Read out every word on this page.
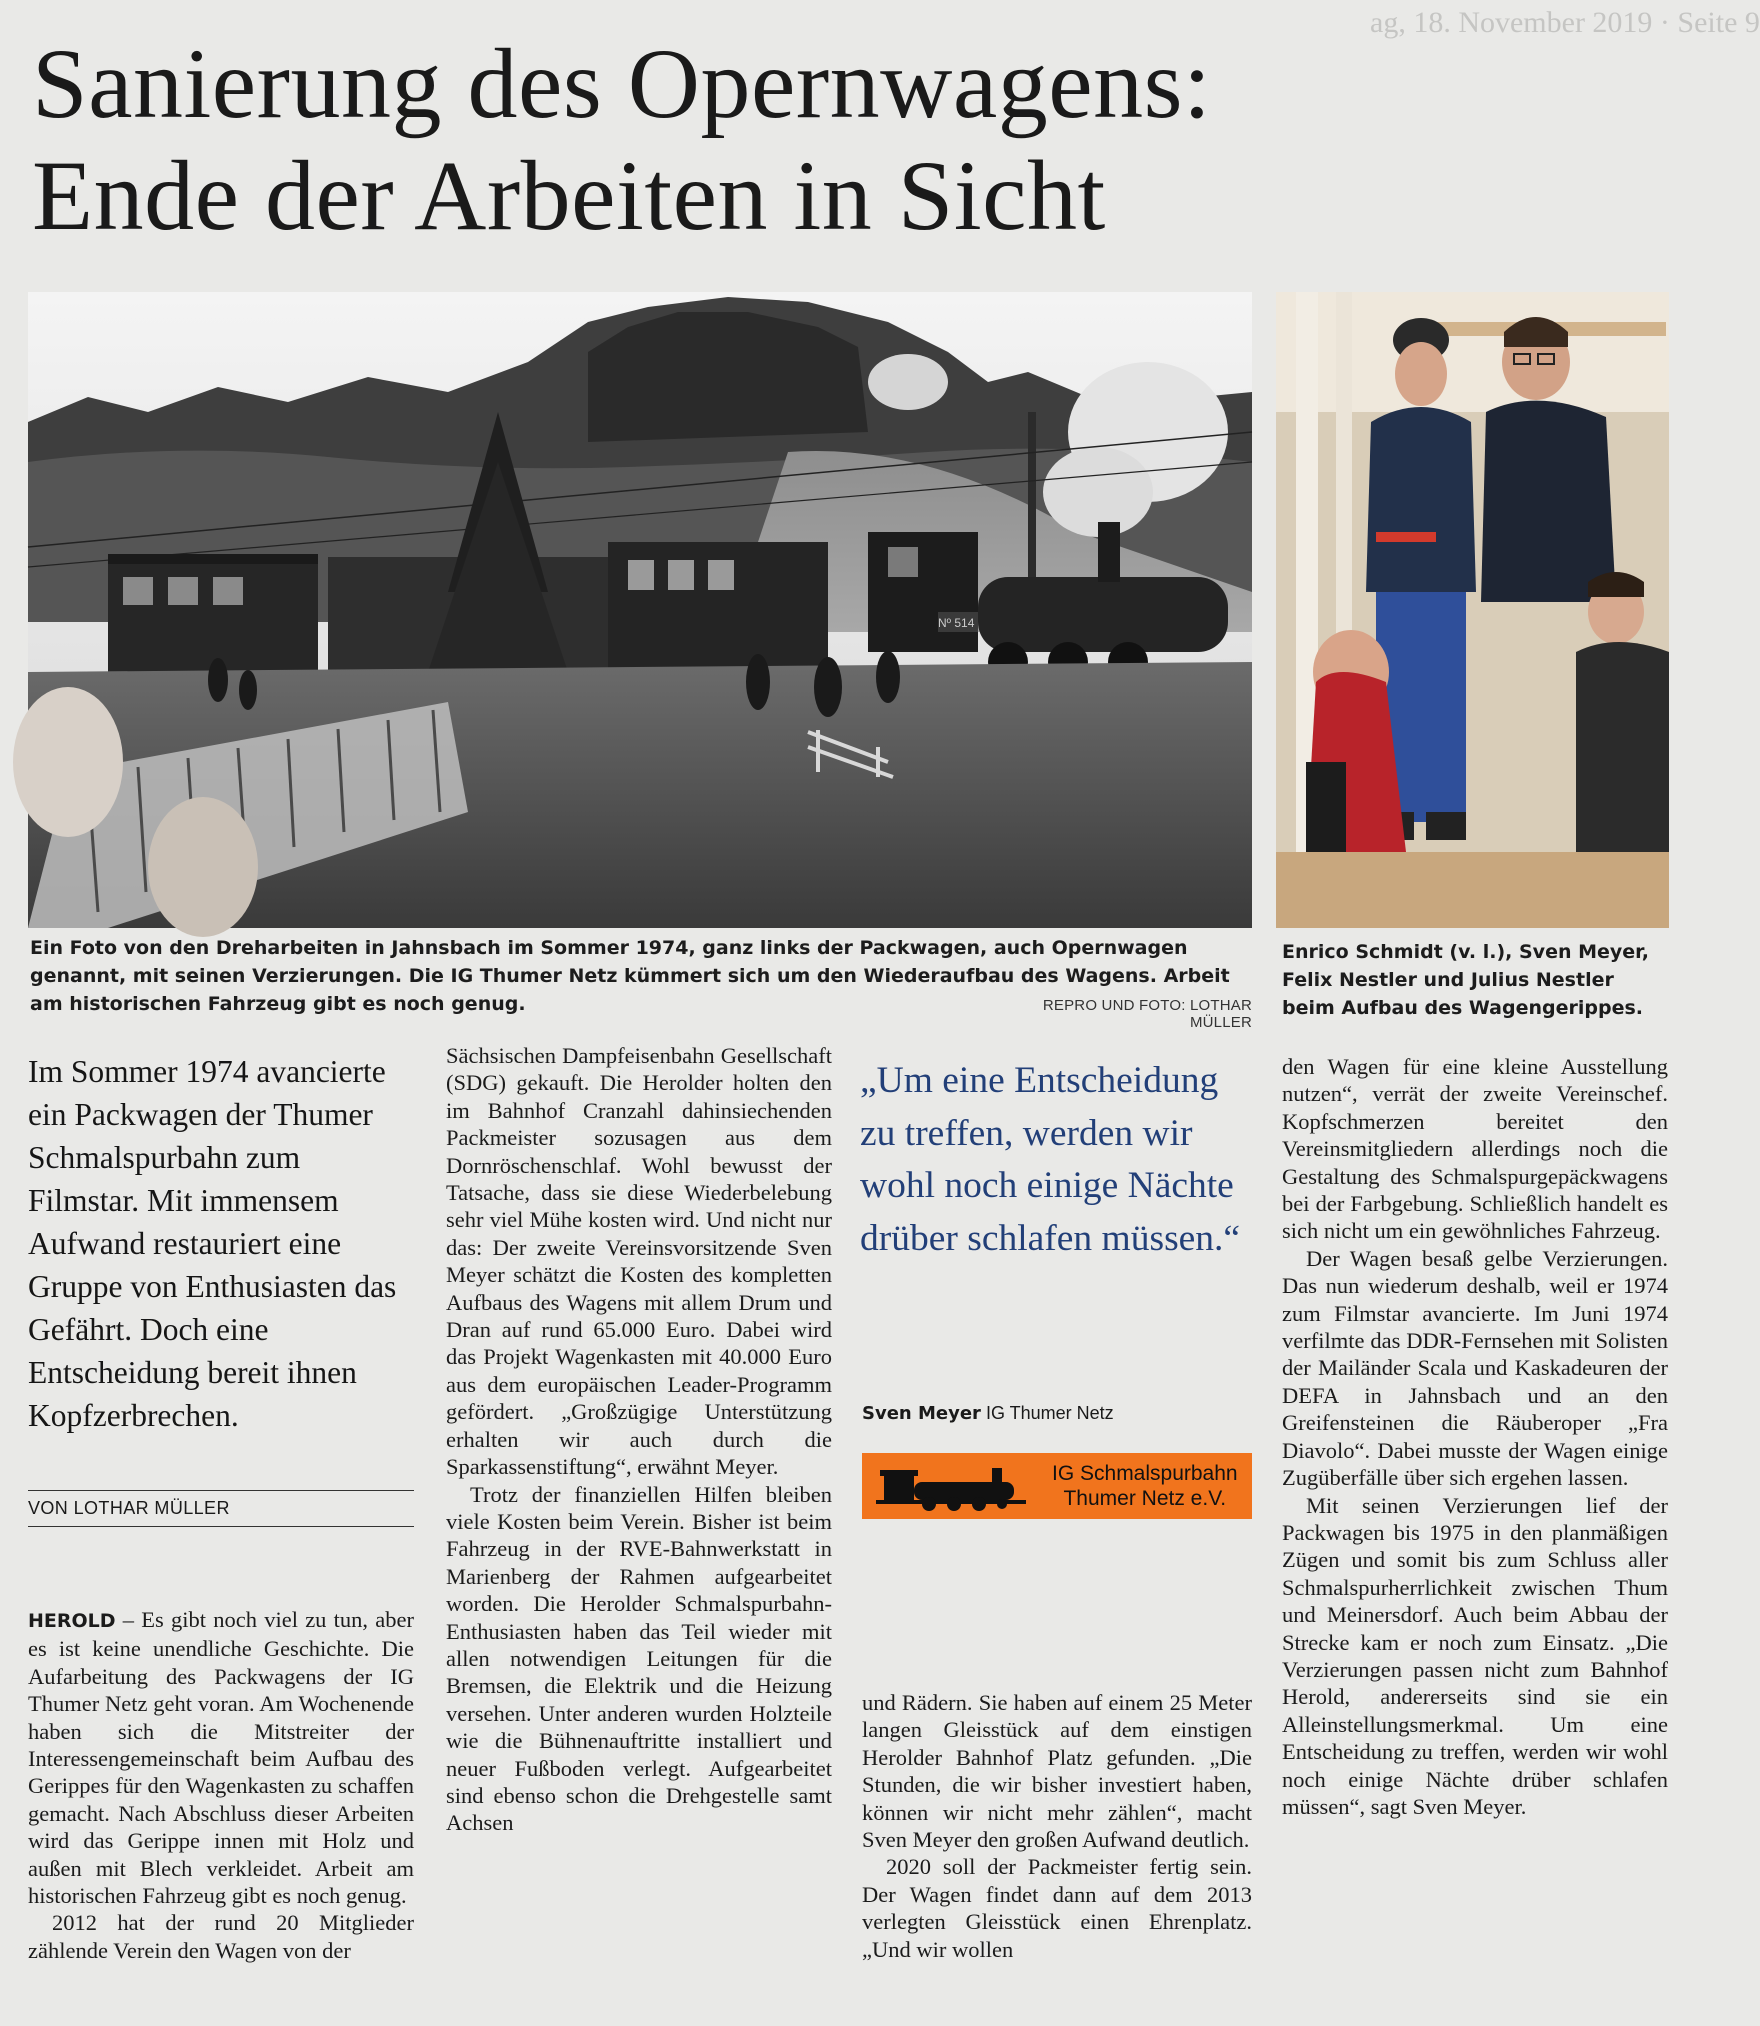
ag, 18. November 2019 · Seite 9
Sanierung des Opernwagens:
Ende der Arbeiten in Sicht
Nº 514
Ein Foto von den Dreharbeiten in Jahnsbach im Sommer 1974, ganz links der Packwagen, auch Opernwagen genannt, mit seinen Verzierungen. Die IG Thumer Netz kümmert sich um den Wiederaufbau des Wagens. Arbeit am historischen Fahrzeug gibt es noch genug.	REPRO UND FOTO: LOTHAR MÜLLER
Enrico Schmidt (v. l.), Sven Meyer, Felix Nestler und Julius Nestler beim Aufbau des Wagengerippes.
Im Sommer 1974 avancierte ein Packwagen der Thumer Schmalspurbahn zum Filmstar. Mit immensem Aufwand restauriert eine Gruppe von Enthusiasten das Gefährt. Doch eine Entscheidung bereit ihnen Kopfzerbrechen.
VON LOTHAR MÜLLER

HEROLD – Es gibt noch viel zu tun, aber es ist keine unendliche Geschichte. Die Aufarbeitung des Packwagens der IG Thumer Netz geht voran. Am Wochenende haben sich die Mitstreiter der Interessengemeinschaft beim Aufbau des Gerippes für den Wagenkasten zu schaffen gemacht. Nach Abschluss dieser Arbeiten wird das Gerippe innen mit Holz und außen mit Blech verkleidet. Arbeit am historischen Fahrzeug gibt es noch genug.

2012 hat der rund 20 Mitglieder zählende Verein den Wagen von der

Sächsischen Dampfeisenbahn Gesellschaft (SDG) gekauft. Die Herolder holten den im Bahnhof Cranzahl dahinsiechenden Packmeister sozusagen aus dem Dornröschenschlaf. Wohl bewusst der Tatsache, dass sie diese Wiederbelebung sehr viel Mühe kosten wird. Und nicht nur das: Der zweite Vereinsvorsitzende Sven Meyer schätzt die Kosten des kompletten Aufbaus des Wagens mit allem Drum und Dran auf rund 65.000 Euro. Dabei wird das Projekt Wagenkasten mit 40.000 Euro aus dem europäischen Leader-Programm gefördert. „Großzügige Unterstützung erhalten wir auch durch die Sparkassenstiftung“, erwähnt Meyer.

Trotz der finanziellen Hilfen bleiben viele Kosten beim Verein. Bisher ist beim Fahrzeug in der RVE-Bahnwerkstatt in Marienberg der Rahmen aufgearbeitet worden. Die Herolder Schmalspurbahn-Enthusiasten haben das Teil wieder mit allen notwendigen Leitungen für die Bremsen, die Elektrik und die Heizung versehen. Unter anderen wurden Holzteile wie die Bühnenauftritte installiert und neuer Fußboden verlegt. Aufgearbeitet sind ebenso schon die Drehgestelle samt Achsen

„Um eine Entscheidung zu treffen, werden wir wohl noch einige Nächte drüber schlafen müssen.“
Sven Meyer IG Thumer Netz
IG Schmalspurbahn
Thumer Netz e.V.

und Rädern. Sie haben auf einem 25 Meter langen Gleisstück auf dem einstigen Herolder Bahnhof Platz gefunden. „Die Stunden, die wir bisher investiert haben, können wir nicht mehr zählen“, macht Sven Meyer den großen Aufwand deutlich.

2020 soll der Packmeister fertig sein. Der Wagen findet dann auf dem 2013 verlegten Gleisstück einen Ehrenplatz. „Und wir wollen

den Wagen für eine kleine Ausstellung nutzen“, verrät der zweite Vereinschef. Kopfschmerzen bereitet den Vereinsmitgliedern allerdings noch die Gestaltung des Schmalspurgepäckwagens bei der Farbgebung. Schließlich handelt es sich nicht um ein gewöhnliches Fahrzeug.

Der Wagen besaß gelbe Verzierungen. Das nun wiederum deshalb, weil er 1974 zum Filmstar avancierte. Im Juni 1974 verfilmte das DDR-Fernsehen mit Solisten der Mailänder Scala und Kaskadeuren der DEFA in Jahnsbach und an den Greifensteinen die Räuberoper „Fra Diavolo“. Dabei musste der Wagen einige Zugüberfälle über sich ergehen lassen.

Mit seinen Verzierungen lief der Packwagen bis 1975 in den planmäßigen Zügen und somit bis zum Schluss aller Schmalspurherrlichkeit zwischen Thum und Meinersdorf. Auch beim Abbau der Strecke kam er noch zum Einsatz. „Die Verzierungen passen nicht zum Bahnhof Herold, andererseits sind sie ein Alleinstellungsmerkmal. Um eine Entscheidung zu treffen, werden wir wohl noch einige Nächte drüber schlafen müssen“, sagt Sven Meyer.
